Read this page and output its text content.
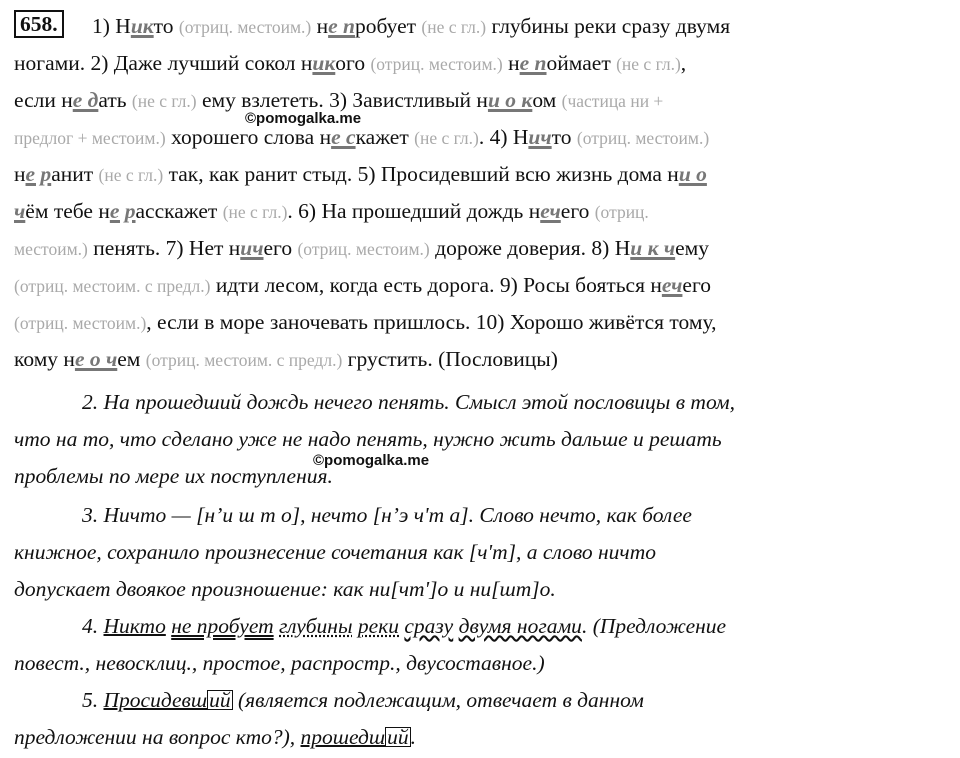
658.	1) Никто (отриц. местоим.) не пробует (не с гл.) глубины реки сразу двумя
ногами. 2) Даже лучший сокол никого (отриц. местоим.) не поймает (не с гл.),
если не дать (не с гл.) ему взлететь. 3) Завистливый ни о ком (частица ни +
предлог + местоим.) хорошего слова не скажет (не с гл.). 4) Ничто (отриц. местоим.)
не ранит (не с гл.) так, как ранит стыд. 5) Просидевший всю жизнь дома ни о
чём тебе не расскажет (не с гл.). 6) На прошедший дождь нечего (отриц.
местоим.) пенять. 7) Нет ничего (отриц. местоим.) дороже доверия. 8) Ни к чему
(отриц. местоим. с предл.) идти лесом, когда есть дорога. 9) Росы бояться нечего
(отриц. местоим.), если в море заночевать пришлось. 10) Хорошо живётся тому,
кому не о чем (отриц. местоим. с предл.) грустить. (Пословицы)
2. На прошедший дождь нечего пенять. Смысл этой пословицы в том,
что на то, что сделано уже не надо пенять, нужно жить дальше и решать
проблемы по мере их поступления.
3. Ничто — [н’и ш т о], нечто [н’э ч'т а]. Слово нечто, как более
книжное, сохранило произнесение сочетания как [ч'т], а слово ничто
допускает двоякое произношение: как ни[чт']о и ни[шт]о.
4. Никто не пробует глубины реки сразу двумя ногами. (Предложение
повест., невосклиц., простое, распростр., двусоставное.)
5. Просидевший (является подлежащим, отвечает в данном
предложении на вопрос кто?), прошедший.
©pomogalka.me
©pomogalka.me
